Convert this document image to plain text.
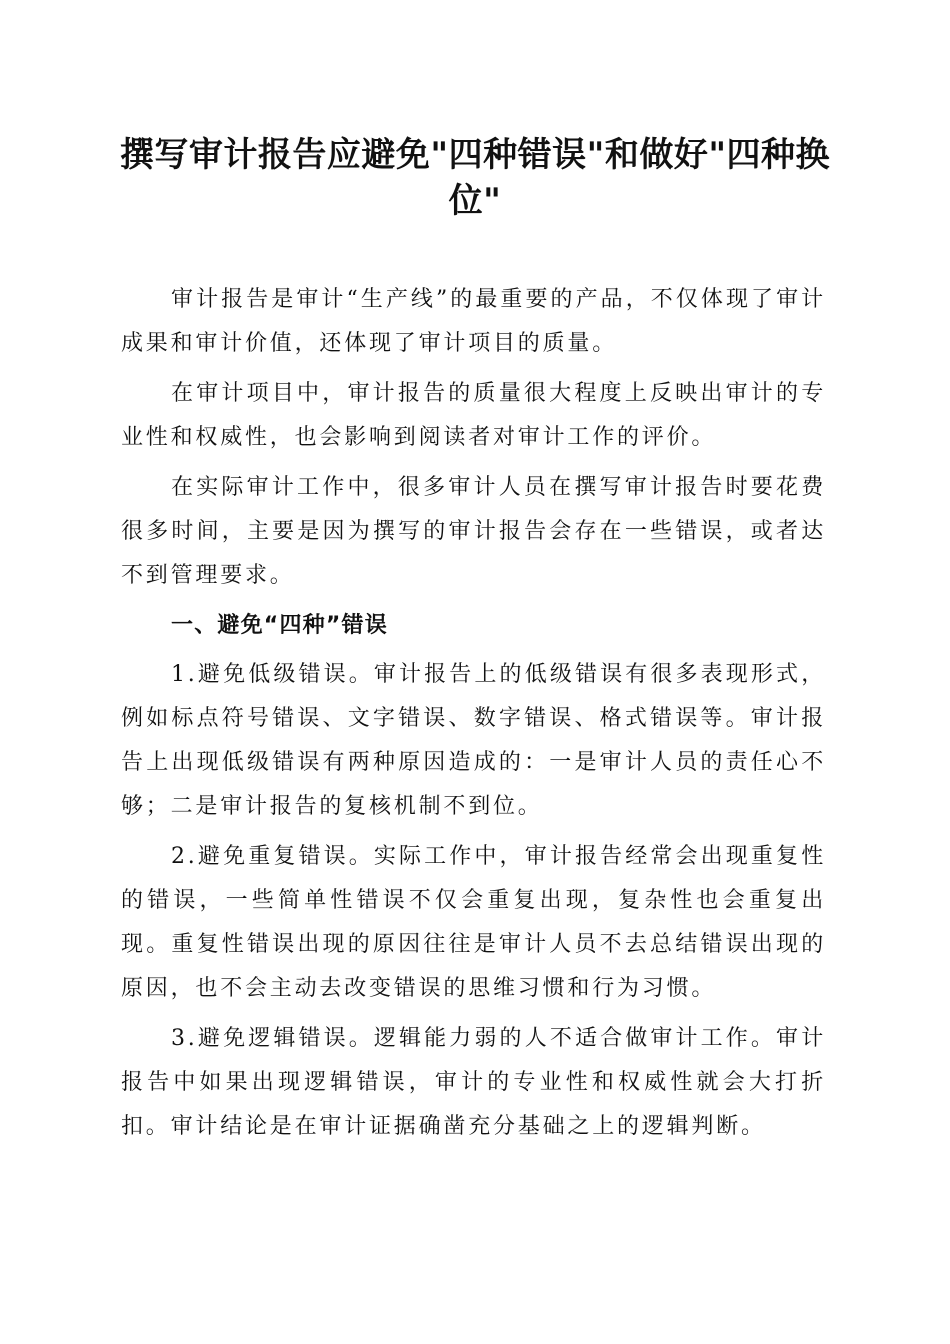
撰写审计报告应避免"四种错误"和做好"四种换位"

审计报告是审计“生产线”的最重要的产品，不仅体现了审计成果和审计价值，还体现了审计项目的质量。

在审计项目中，审计报告的质量很大程度上反映出审计的专业性和权威性，也会影响到阅读者对审计工作的评价。

在实际审计工作中，很多审计人员在撰写审计报告时要花费很多时间，主要是因为撰写的审计报告会存在一些错误，或者达不到管理要求。

一、避免“四种”错误

1.避免低级错误。审计报告上的低级错误有很多表现形式，例如标点符号错误、文字错误、数字错误、格式错误等。审计报告上出现低级错误有两种原因造成的：一是审计人员的责任心不够；二是审计报告的复核机制不到位。

2.避免重复错误。实际工作中，审计报告经常会出现重复性的错误，一些简单性错误不仅会重复出现，复杂性也会重复出现。重复性错误出现的原因往往是审计人员不去总结错误出现的原因，也不会主动去改变错误的思维习惯和行为习惯。

3.避免逻辑错误。逻辑能力弱的人不适合做审计工作。审计报告中如果出现逻辑错误，审计的专业性和权威性就会大打折扣。审计结论是在审计证据确凿充分基础之上的逻辑判断。
